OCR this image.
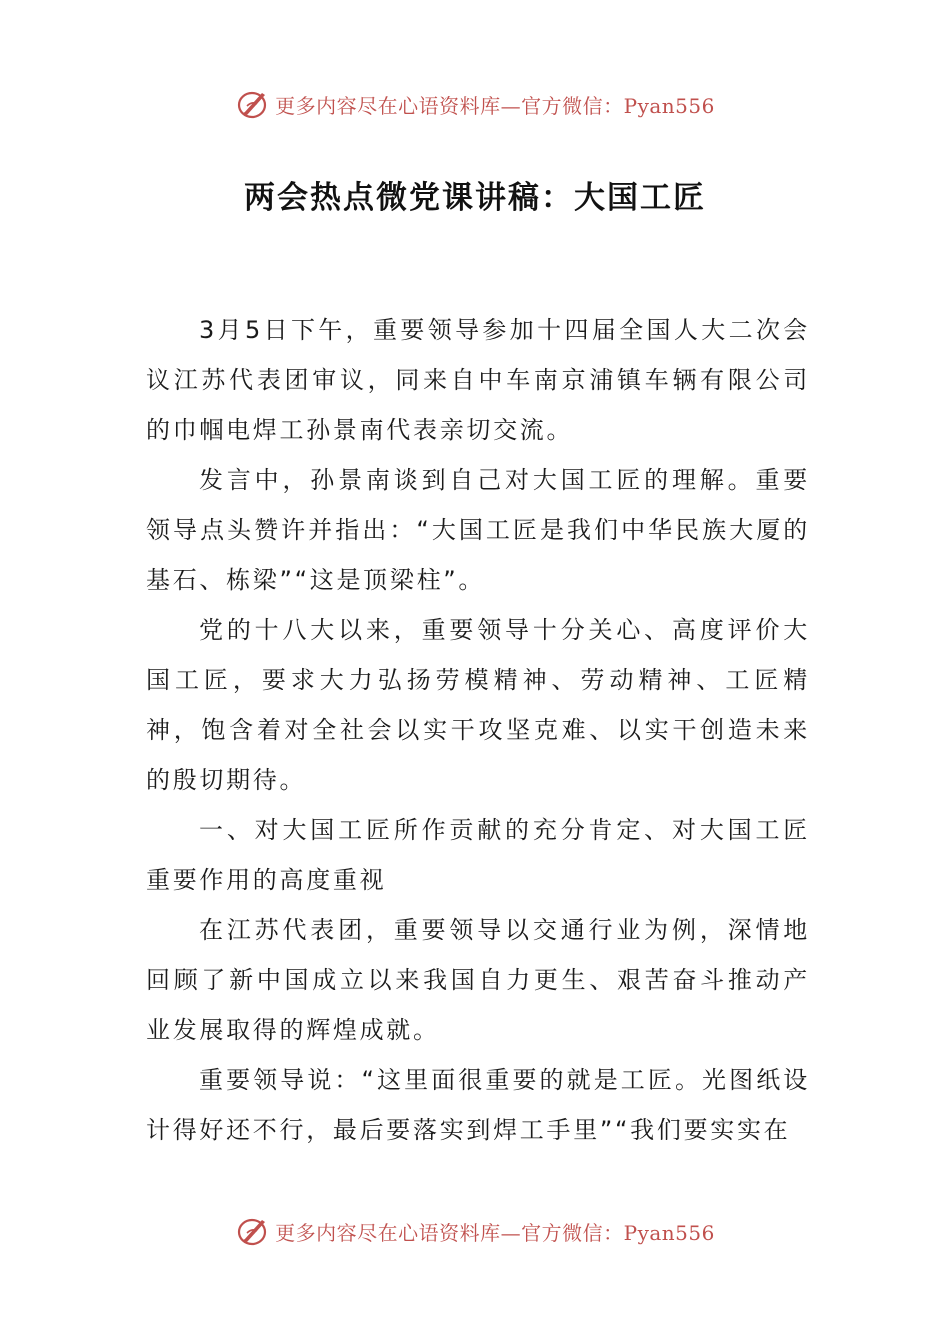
更多内容尽在心语资料库—官方微信：Pyan556
两会热点微党课讲稿：大国工匠

3月5日下午，重要领导参加十四届全国人大二次会议江苏代表团审议，同来自中车南京浦镇车辆有限公司的巾帼电焊工孙景南代表亲切交流。

发言中，孙景南谈到自己对大国工匠的理解。重要领导点头赞许并指出：“大国工匠是我们中华民族大厦的基石、栋梁”“这是顶梁柱”。

党的十八大以来，重要领导十分关心、高度评价大国工匠，要求大力弘扬劳模精神、劳动精神、工匠精神，饱含着对全社会以实干攻坚克难、以实干创造未来的殷切期待。

一、对大国工匠所作贡献的充分肯定、对大国工匠重要作用的高度重视

在江苏代表团，重要领导以交通行业为例，深情地回顾了新中国成立以来我国自力更生、艰苦奋斗推动产业发展取得的辉煌成就。

重要领导说：“这里面很重要的就是工匠。光图纸设计得好还不行，最后要落实到焊工手里”“我们要实实在

更多内容尽在心语资料库—官方微信：Pyan556
